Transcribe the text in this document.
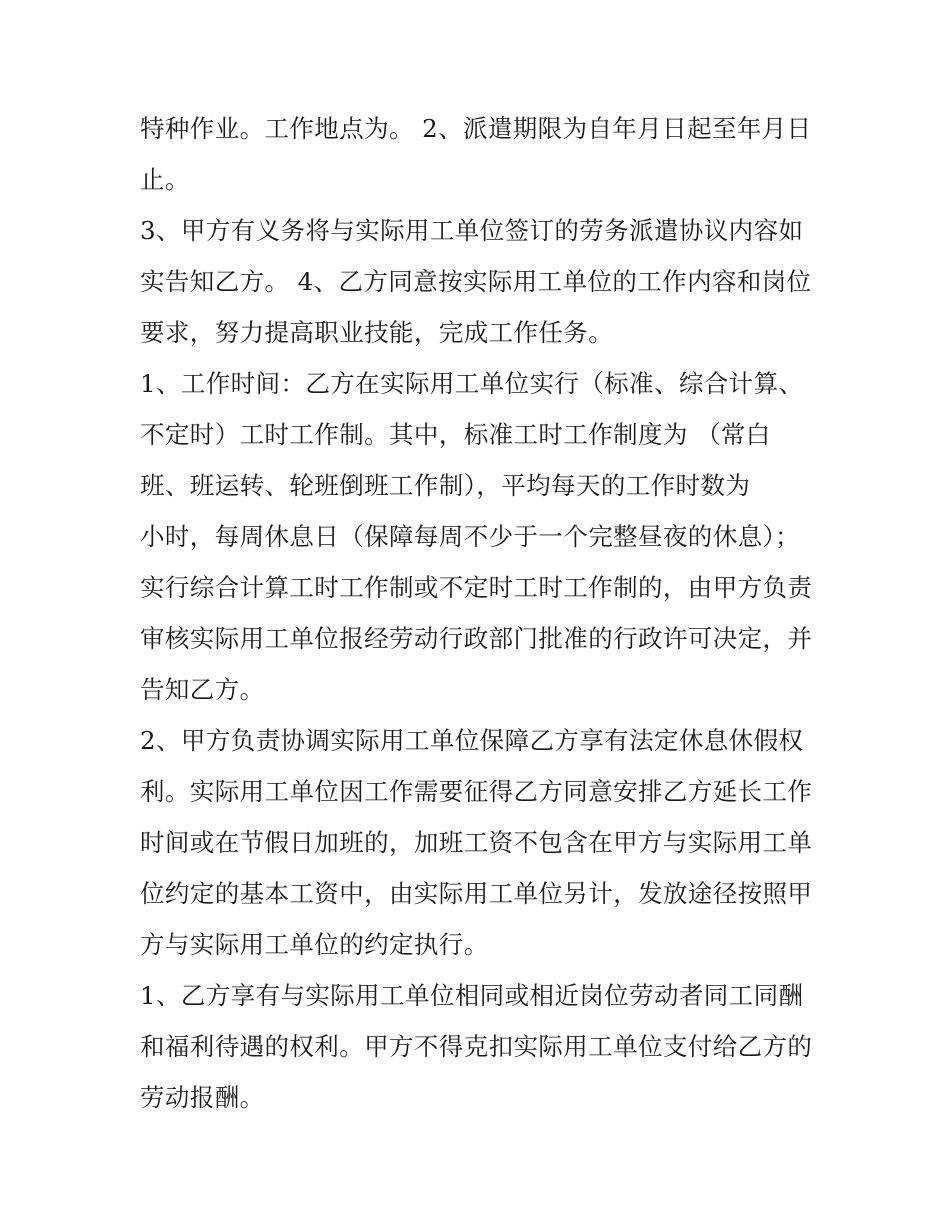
特种作业。工作地点为。 2、派遣期限为自年月日起至年月日
止。
3、甲方有义务将与实际用工单位签订的劳务派遣协议内容如
实告知乙方。 4、乙方同意按实际用工单位的工作内容和岗位
要求，努力提高职业技能，完成工作任务。
1、工作时间：乙方在实际用工单位实行（标准、综合计算、
不定时）工时工作制。其中，标准工时工作制度为 （常白
班、班运转、轮班倒班工作制），平均每天的工作时数为
小时，每周休息日（保障每周不少于一个完整昼夜的休息）；
实行综合计算工时工作制或不定时工时工作制的，由甲方负责
审核实际用工单位报经劳动行政部门批准的行政许可决定，并
告知乙方。
2、甲方负责协调实际用工单位保障乙方享有法定休息休假权
利。实际用工单位因工作需要征得乙方同意安排乙方延长工作
时间或在节假日加班的，加班工资不包含在甲方与实际用工单
位约定的基本工资中，由实际用工单位另计，发放途径按照甲
方与实际用工单位的约定执行。
1、乙方享有与实际用工单位相同或相近岗位劳动者同工同酬
和福利待遇的权利。甲方不得克扣实际用工单位支付给乙方的
劳动报酬。
